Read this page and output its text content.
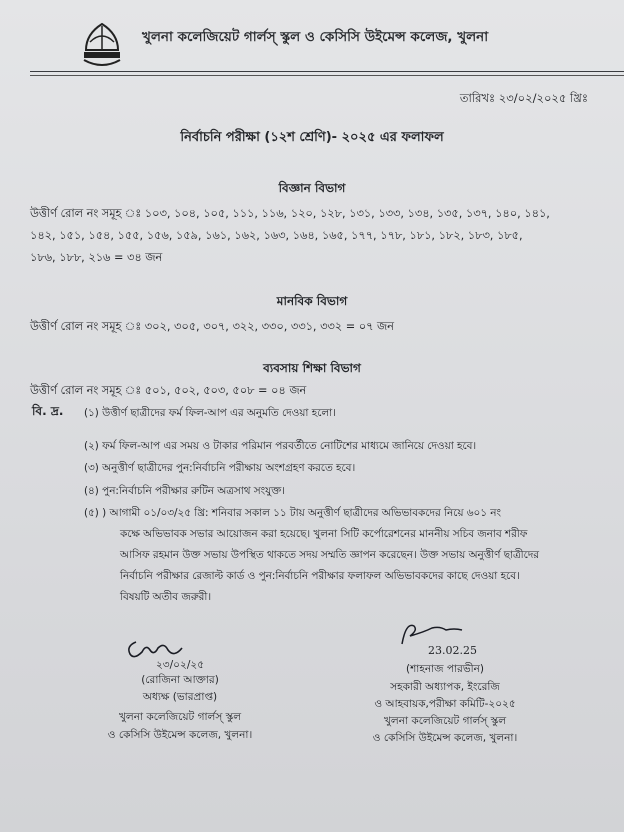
খুলনা কলেজিয়েট গার্লস্‌ স্কুল ও কেসিসি উইমেন্স কলেজ, খুলনা
তারিখঃ ২৩/০২/২০২৫ খ্রিঃ
নির্বাচনি পরীক্ষা (১২শ শ্রেণি)- ২০২৫ এর ফলাফল
বিজ্ঞান বিভাগ
উত্তীর্ণ রোল নং সমূহ ঃ ১০৩, ১০৪, ১০৫, ১১১, ১১৬, ১২০, ১২৮, ১৩১, ১৩৩, ১৩৪, ১৩৫, ১৩৭, ১৪০, ১৪১,
১৪২, ১৫১, ১৫৪, ১৫৫, ১৫৬, ১৫৯, ১৬১, ১৬২, ১৬৩, ১৬৪, ১৬৫, ১৭৭, ১৭৮, ১৮১, ১৮২, ১৮৩, ১৮৫,
১৮৬, ১৮৮, ২১৬ = ৩৪ জন
মানবিক বিভাগ
উত্তীর্ণ রোল নং সমূহ ঃ ৩০২, ৩০৫, ৩০৭, ৩২২, ৩৩০, ৩৩১, ৩৩২ = ০৭ জন
ব্যবসায় শিক্ষা বিভাগ
উত্তীর্ণ রোল নং সমূহ ঃ ৫০১, ৫০২, ৫০৩, ৫০৮ = ০৪ জন
বি. দ্র. (১) উত্তীর্ণ ছাত্রীদের ফর্ম ফিল-আপ এর অনুমতি দেওয়া হলো।
(২) ফর্ম ফিল-আপ এর সময় ও টাকার পরিমান পরবর্তীতে নোটিশের মাধ্যমে জানিয়ে দেওয়া হবে।
(৩) অনুত্তীর্ণ ছাত্রীদের পুন:নির্বাচনি পরীক্ষায় অংশগ্রহণ করতে হবে।
(৪) পুন:নির্বাচনি পরীক্ষার রুটিন অত্রসাথ সংযুক্ত।
(৫) ) আগামী ০১/০৩/২৫ খ্রি: শনিবার সকাল ১১ টায় অনুত্তীর্ণ ছাত্রীদের অভিভাবকদের নিয়ে ৬০১ নং
কক্ষে অভিভাবক সভার আয়োজন করা হয়েছে। খুলনা সিটি কর্পোরেশনের মাননীয় সচিব জনাব শরীফ
আসিফ রহমান উক্ত সভায় উপস্থিত থাকতে সদয় সম্মতি জ্ঞাপন করেছেন। উক্ত সভায় অনুত্তীর্ণ ছাত্রীদের
নির্বাচনি পরীক্ষার রেজাল্ট কার্ড ও পুন:নির্বাচনি পরীক্ষার ফলাফল অভিভাবকদের কাছে দেওয়া হবে।
বিষয়টি অতীব জরুরী।
২৩/০২/২৫
(রোজিনা আক্তার)
অধ্যক্ষ (ভারপ্রাপ্ত)
খুলনা কলেজিয়েট গার্লস্‌ স্কুল
ও কেসিসি উইমেন্স কলেজ, খুলনা।
23.02.25
(শাহনাজ পারভীন)
সহকারী অধ্যাপক, ইংরেজি
ও আহবায়ক,পরীক্ষা কমিটি-২০২৫
খুলনা কলেজিয়েট গার্লস্‌ স্কুল
ও কেসিসি উইমেন্স কলেজ, খুলনা।
